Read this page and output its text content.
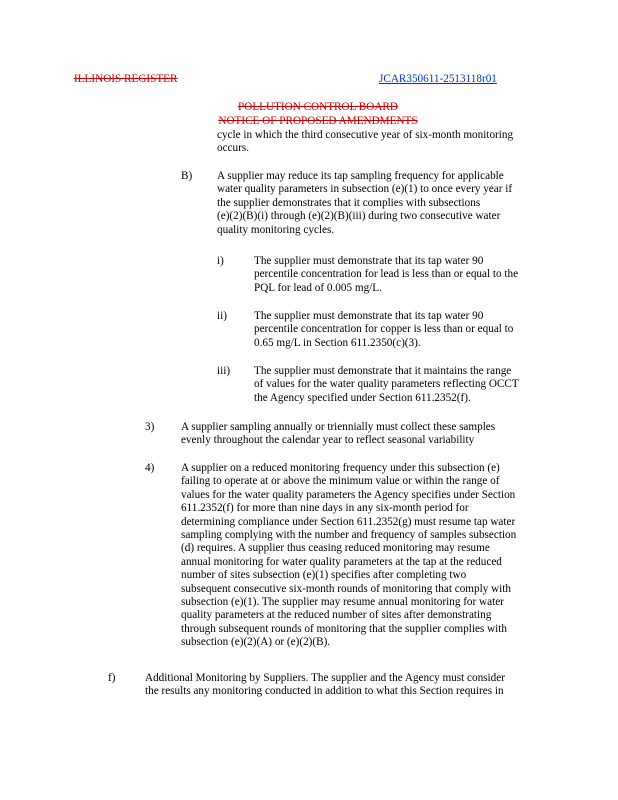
ILLINOIS REGISTER	JCAR350611-2513118r01
POLLUTION CONTROL BOARD
NOTICE OF PROPOSED AMENDMENTS
cycle in which the third consecutive year of six-month monitoring
occurs.
B) A supplier may reduce its tap sampling frequency for applicable
water quality parameters in subsection (e)(1) to once every year if
the supplier demonstrates that it complies with subsections
(e)(2)(B)(i) through (e)(2)(B)(iii) during two consecutive water
quality monitoring cycles.
i)	The supplier must demonstrate that its tap water 90
percentile concentration for lead is less than or equal to the
PQL for lead of 0.005 mg/L.
ii) The supplier must demonstrate that its tap water 90
percentile concentration for copper is less than or equal to
0.65 mg/L in Section 611.2350(c)(3).
iii) The supplier must demonstrate that it maintains the range
of values for the water quality parameters reflecting OCCT
the Agency specified under Section 611.2352(f).
3) A supplier sampling annually or triennially must collect these samples
evenly throughout the calendar year to reflect seasonal variability
4) A supplier on a reduced monitoring frequency under this subsection (e)
failing to operate at or above the minimum value or within the range of
values for the water quality parameters the Agency specifies under Section
611.2352(f) for more than nine days in any six-month period for
determining compliance under Section 611.2352(g) must resume tap water
sampling complying with the number and frequency of samples subsection
(d) requires. A supplier thus ceasing reduced monitoring may resume
annual monitoring for water quality parameters at the tap at the reduced
number of sites subsection (e)(1) specifies after completing two
subsequent consecutive six-month rounds of monitoring that comply with
subsection (e)(1). The supplier may resume annual monitoring for water
quality parameters at the reduced number of sites after demonstrating
through subsequent rounds of monitoring that the supplier complies with
subsection (e)(2)(A) or (e)(2)(B).
f)	Additional Monitoring by Suppliers. The supplier and the Agency must consider
the results any monitoring conducted in addition to what this Section requires in
